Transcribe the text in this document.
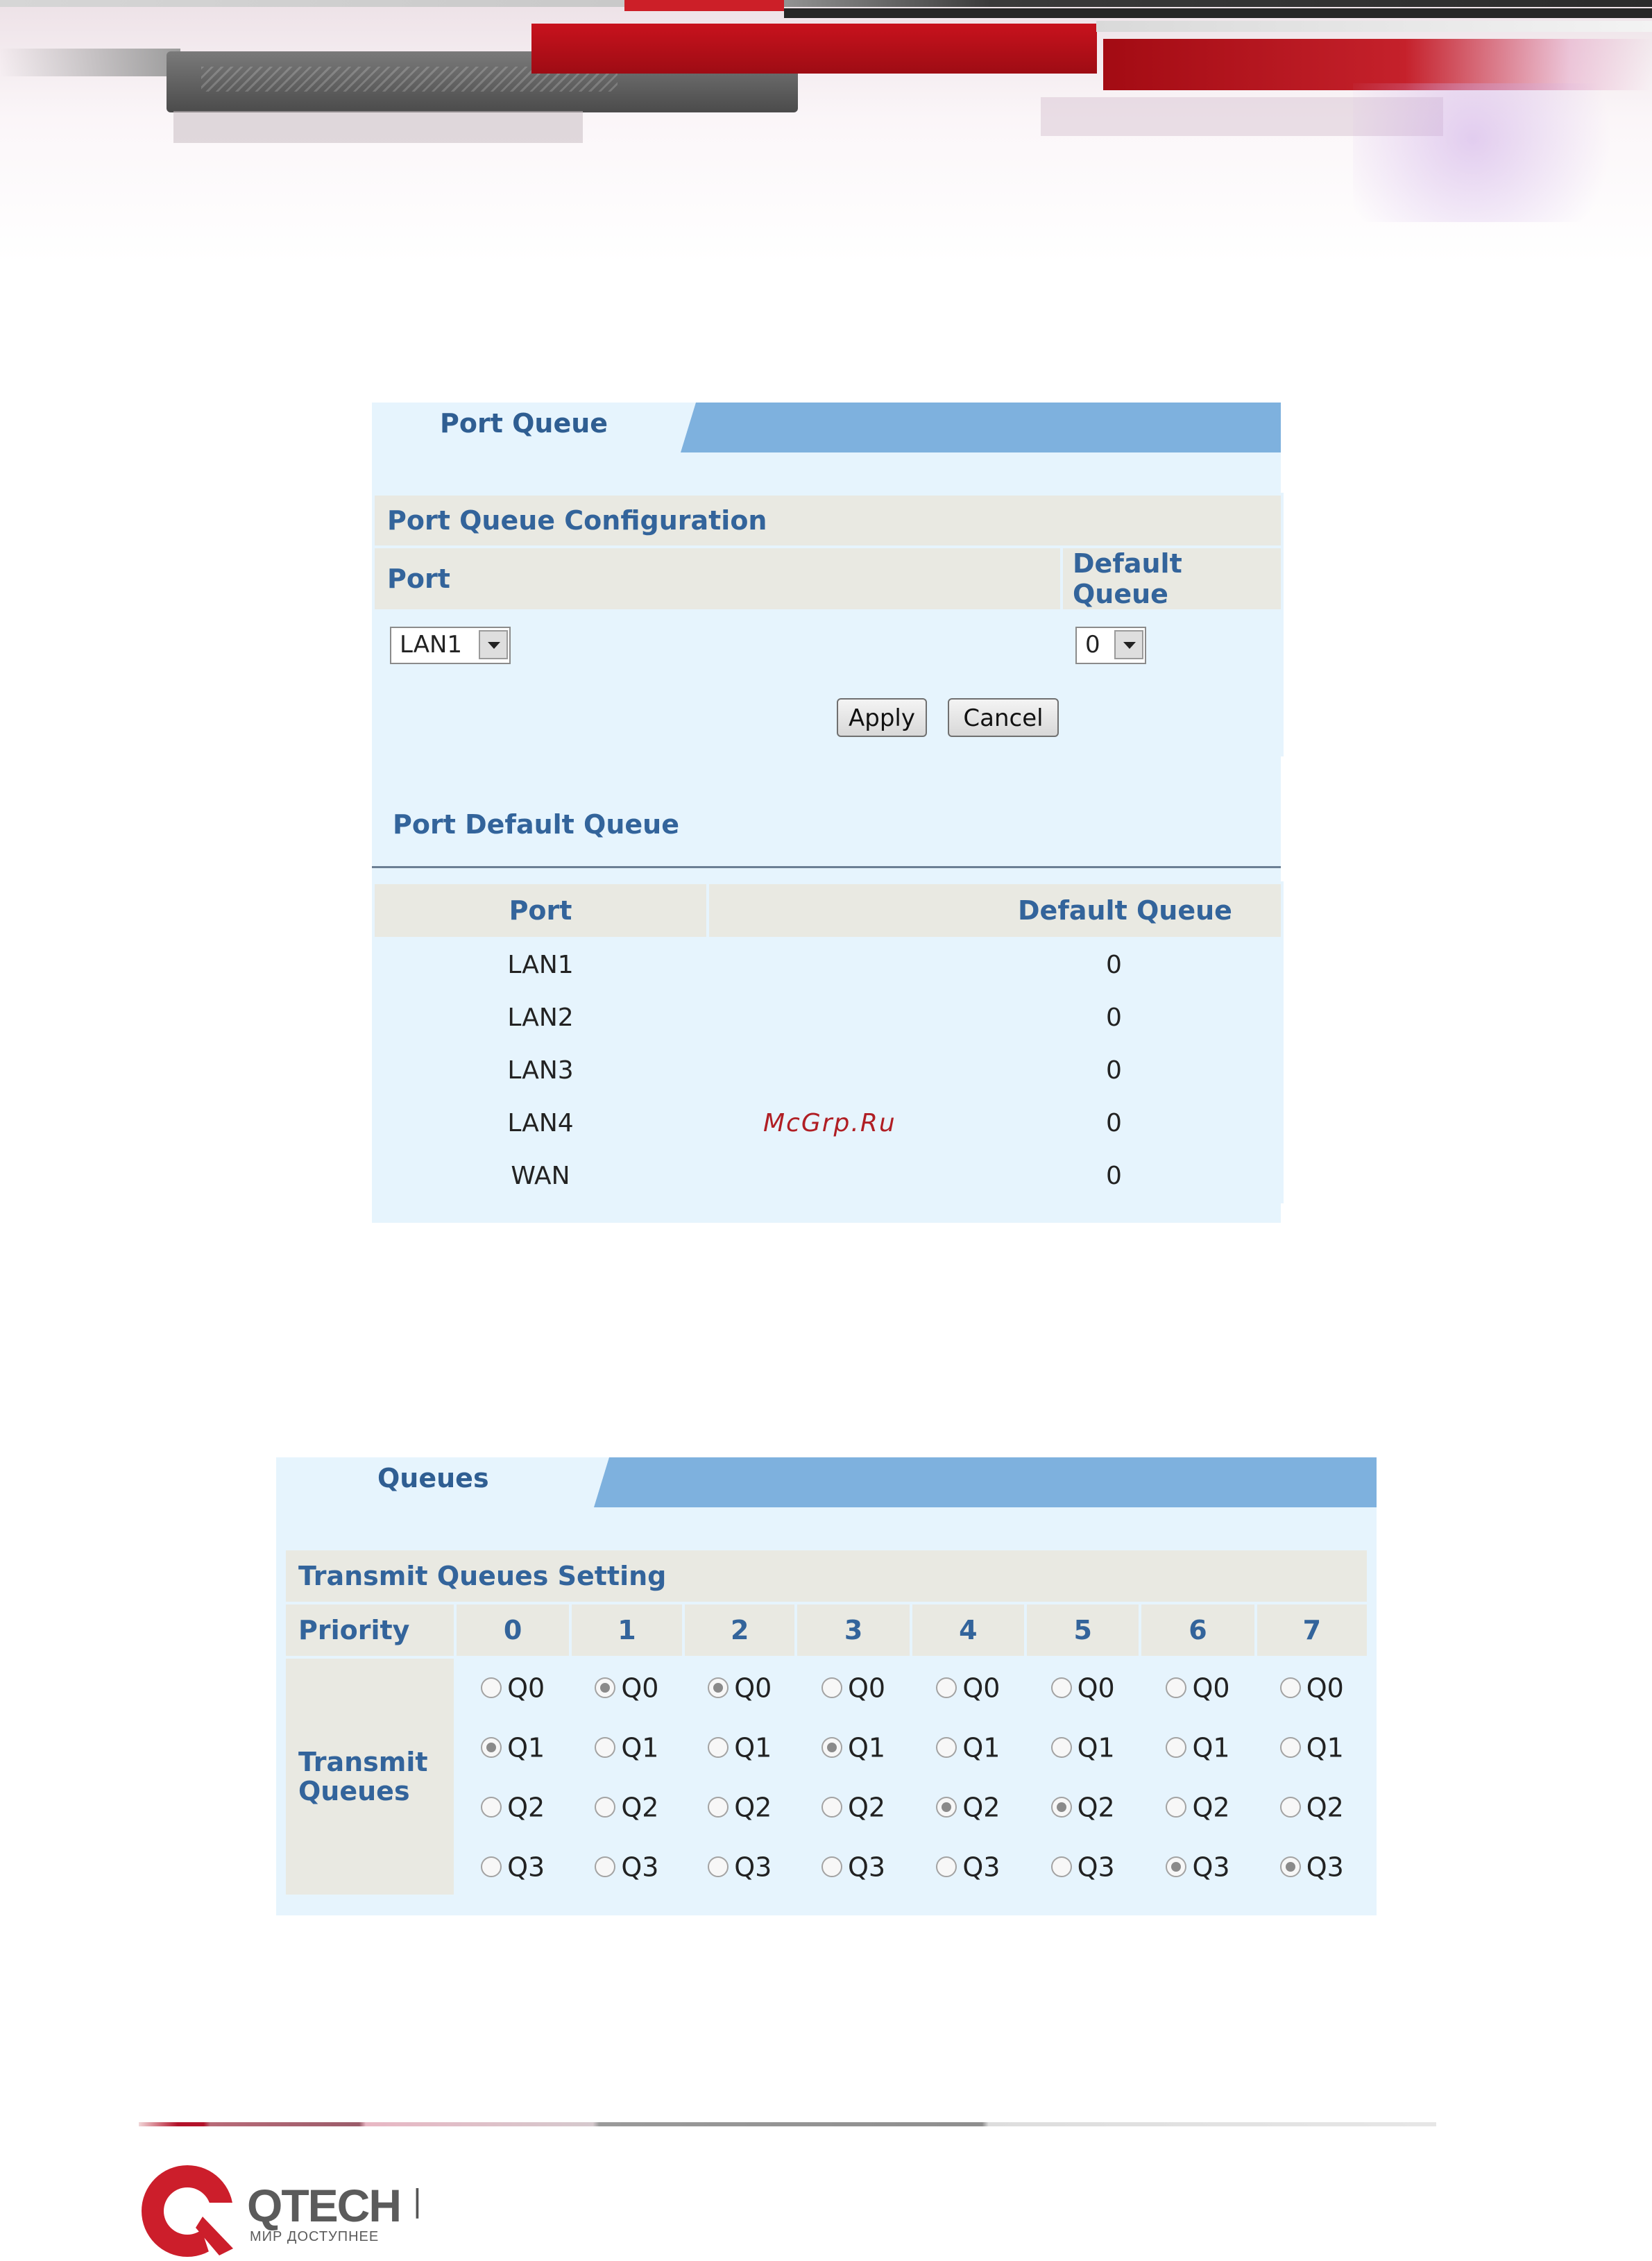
Port Queue
Port Queue Configuration	
Port	Default Queue

LAN1	0

Apply Cancel	
Port Default Queue
Port	Default Queue
LAN1	0
LAN2	0
LAN3	0
LAN4	McGrp.Ru 0
WAN	0
Queues
Transmit Queues Setting								
Priority	0	1	2	3	4	5	6	7
Transmit Queues	Q0	Q0	Q0	Q0	Q0	Q0	Q0	Q0
	Q1	Q1	Q1	Q1	Q1	Q1	Q1	Q1
	Q2	Q2	Q2	Q2	Q2	Q2	Q2	Q2
	Q3	Q3	Q3	Q3	Q3	Q3	Q3	Q3
QTECH
МИР ДОСТУПНЕЕ
|
